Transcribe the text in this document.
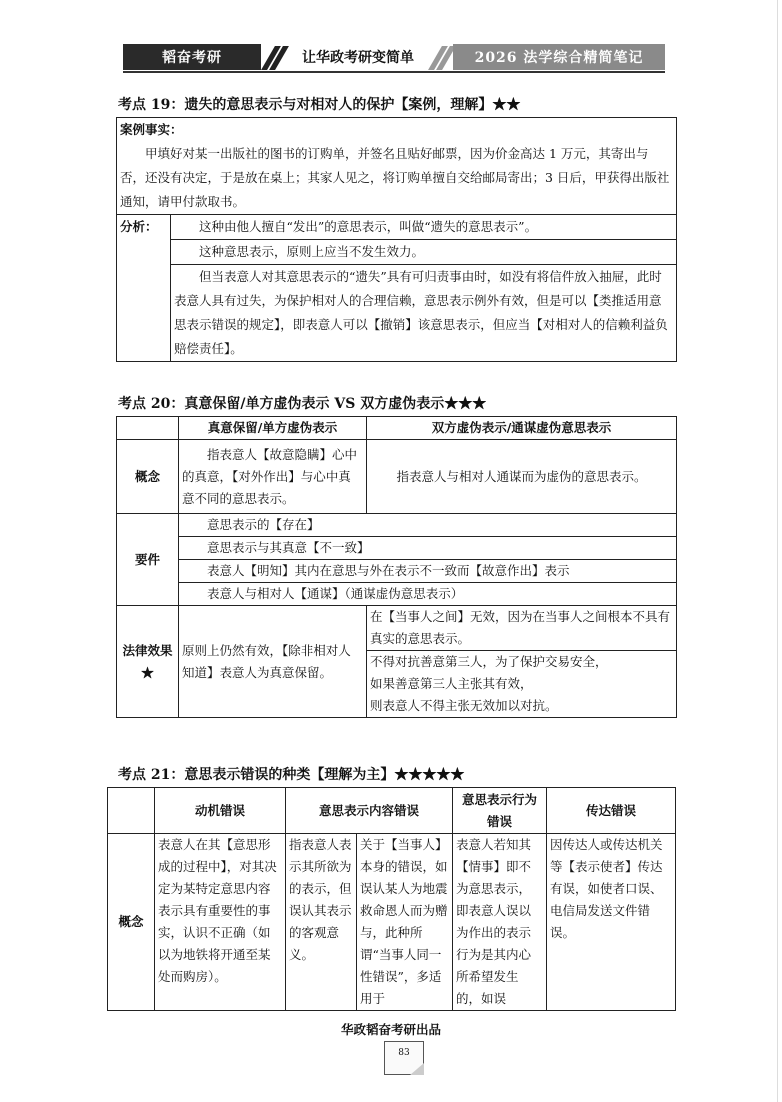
韬奋考研	让华政考研变简单	2026 法学综合精简笔记
考点 19：遗失的意思表示与对相对人的保护【案例，理解】★★
案例事实：
甲填好对某一出版社的图书的订购单，并签名且贴好邮票，因为价金高达 1 万元，其寄出与否，还没有决定，于是放在桌上；其家人见之，将订购单擅自交给邮局寄出；3 日后，甲获得出版社通知，请甲付款取书。

分析：	这种由他人擅自“发出”的意思表示，叫做“遗失的意思表示”。
这种意思表示，原则上应当不发生效力。
但当表意人对其意思表示的“遗失”具有可归责事由时，如没有将信件放入抽屉，此时表意人具有过失，为保护相对人的合理信赖，意思表示例外有效，但是可以【类推适用意思表示错误的规定】，即表意人可以【撤销】该意思表示，但应当【对相对人的信赖利益负赔偿责任】。
考点 20：真意保留/单方虚伪表示 VS 双方虚伪表示★★★
	真意保留/单方虚伪表示	双方虚伪表示/通谋虚伪意思表示
概念	指表意人【故意隐瞒】心中的真意，【对外作出】与心中真意不同的意思表示。	指表意人与相对人通谋而为虚伪的意思表示。
要件	意思表示的【存在】	
	意思表示与其真意【不一致】	
	表意人【明知】其内在意思与外在表示不一致而【故意作出】表示	
	表意人与相对人【通谋】（通谋虚伪意思表示）	
法律效果★	原则上仍然有效，【除非相对人知道】表意人为真意保留。	在【当事人之间】无效，因为在当事人之间根本不具有真实的意思表示。

		不得对抗善意第三人，为了保护交易安全，
如果善意第三人主张其有效，
则表意人不得主张无效加以对抗。
考点 21：意思表示错误的种类【理解为主】★★★★★
	动机错误	意思表示内容错误		意思表示行为错误	传达错误
概念	表意人在其【意思形成的过程中】，对其决定为某特定意思内容表示具有重要性的事实，认识不正确（如以为地铁将开通至某处而购房）。	指表意人表示其所欲为的表示，但误认其表示的客观意义。	关于【当事人】本身的错误，如误认某人为地震救命恩人而为赠与，此种所谓“当事人同一性错误”，多适用于	表意人若知其【情事】即不为意思表示，即表意人误以为作出的表示行为是其内心所希望发生的，如误	因传达人或传达机关等【表示使者】传达有误，如使者口误、电信局发送文件错误。
华政韬奋考研出品
83
